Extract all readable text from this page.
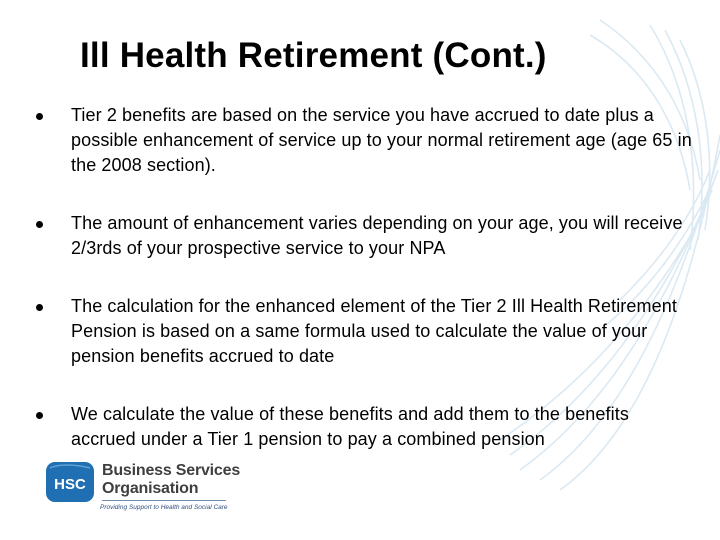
Ill Health Retirement (Cont.)
Tier 2 benefits are based on the service you have accrued to date plus a possible enhancement of service up to your normal retirement age (age 65 in the 2008 section).
The amount of enhancement varies depending on your age, you will receive 2/3rds of your prospective service to your NPA
The calculation for the enhanced element of the Tier 2 Ill Health Retirement Pension is based on a same formula used to calculate the value of your pension benefits accrued to date
We calculate the value of these benefits and add them to the benefits accrued under a Tier 1 pension to pay a combined pension
HSC
Business Services
Organisation
Providing Support to Health and Social Care
